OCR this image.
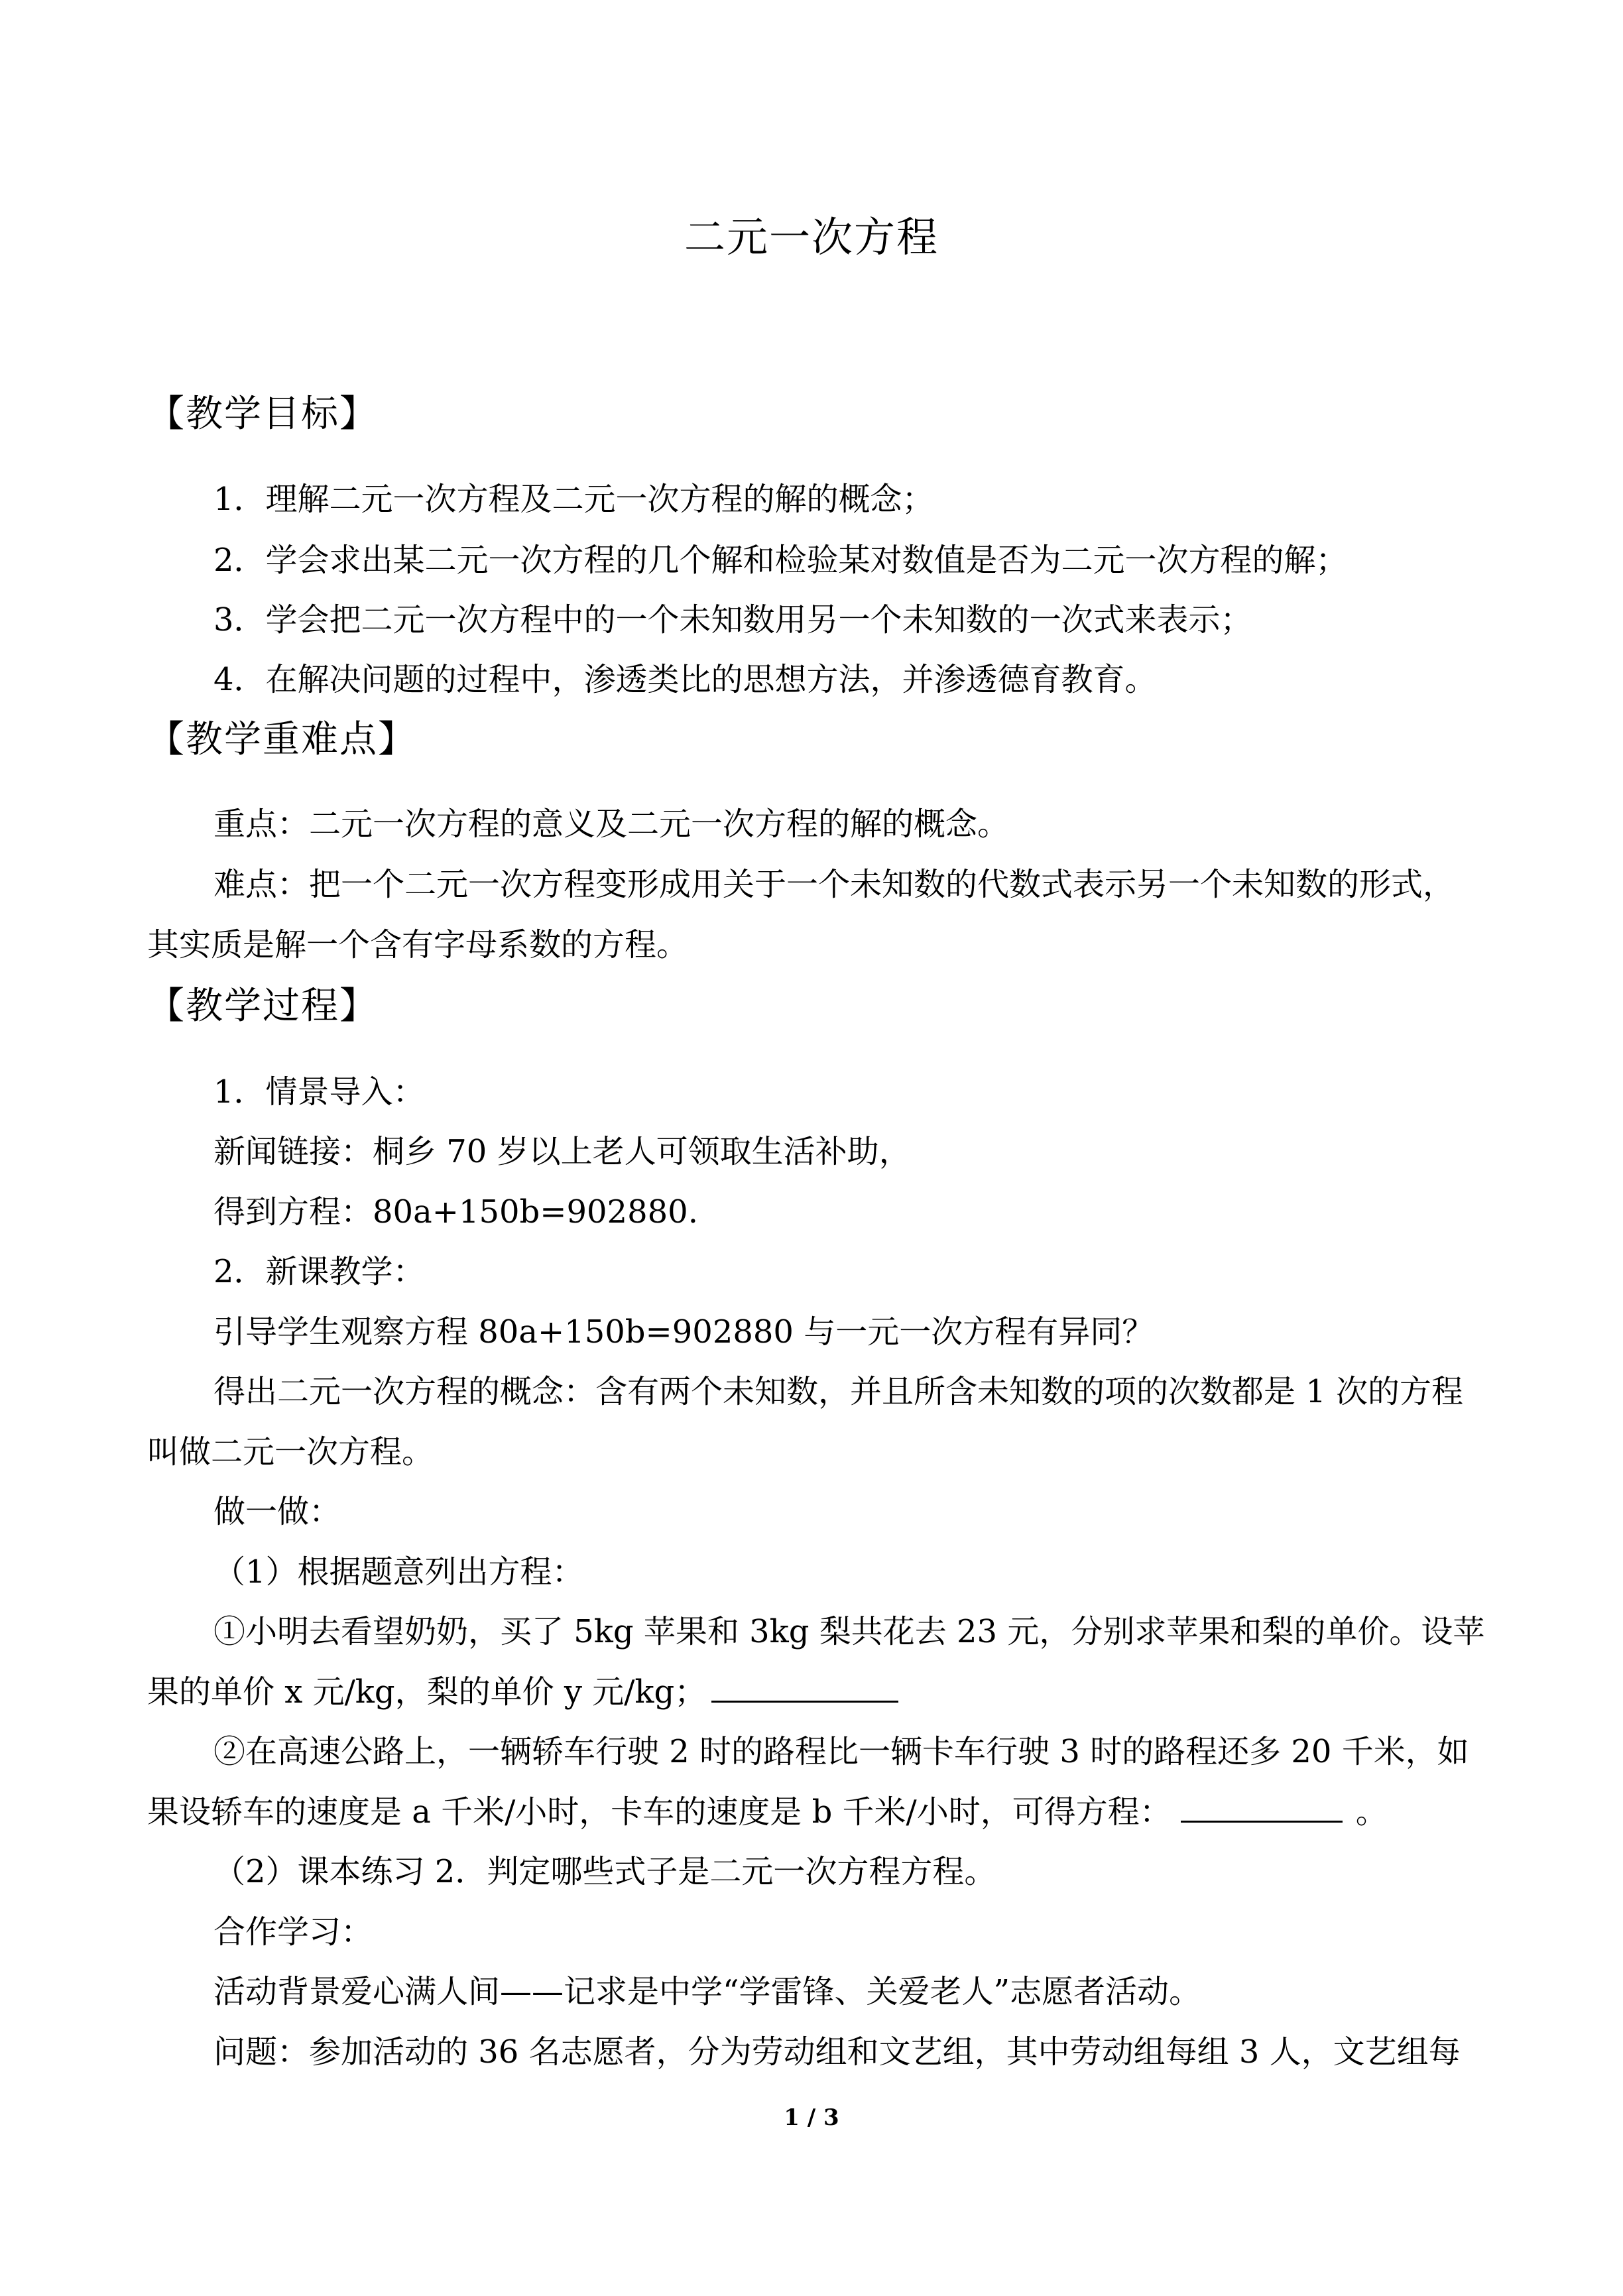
二元一次方程
【教学目标】
1．理解二元一次方程及二元一次方程的解的概念；
2．学会求出某二元一次方程的几个解和检验某对数值是否为二元一次方程的解；
3．学会把二元一次方程中的一个未知数用另一个未知数的一次式来表示；
4．在解决问题的过程中，渗透类比的思想方法，并渗透德育教育。
【教学重难点】
重点：二元一次方程的意义及二元一次方程的解的概念。
难点：把一个二元一次方程变形成用关于一个未知数的代数式表示另一个未知数的形式，
其实质是解一个含有字母系数的方程。
【教学过程】
1．情景导入：
新闻链接：桐乡 70 岁以上老人可领取生活补助，
得到方程：80a+150b=902880.
2．新课教学：
引导学生观察方程 80a+150b=902880 与一元一次方程有异同？
得出二元一次方程的概念：含有两个未知数，并且所含未知数的项的次数都是 1 次的方程
叫做二元一次方程。
做一做：
（1）根据题意列出方程：
①小明去看望奶奶，买了 5kg 苹果和 3kg 梨共花去 23 元，分别求苹果和梨的单价。设苹
果的单价 x 元/kg，梨的单价 y 元/kg；
②在高速公路上，一辆轿车行驶 2 时的路程比一辆卡车行驶 3 时的路程还多 20 千米，如
果设轿车的速度是 a 千米/小时，卡车的速度是 b 千米/小时，可得方程：	。
（2）课本练习 2．判定哪些式子是二元一次方程方程。
合作学习：
活动背景爱心满人间——记求是中学“学雷锋、关爱老人”志愿者活动。
问题：参加活动的 36 名志愿者，分为劳动组和文艺组，其中劳动组每组 3 人，文艺组每
1 / 3
